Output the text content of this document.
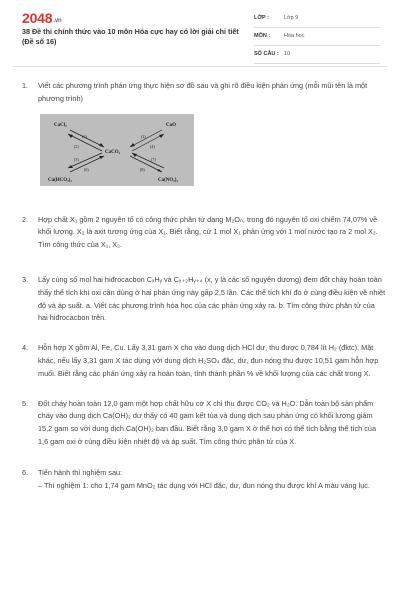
2048.vn
38 Đề thi chính thức vào 10 môn Hóa cực hay có lời giải chi tiết (Đề số 16)
LỚP :	Lớp 9
MÔN :	Hóa học
SỐ CÂU : 10
1. Viết các phương trình phản ứng thực hiện sơ đồ sau và ghi rõ điều kiện phản ứng (mỗi mũi tên là một phương trình)

CaCl₂	CaO
CaCO₃
Ca(HCO₃)₂	Ca(NO₃)₂
(1)
(2)
(3)
(4)
(5)
(6)
(7)
(8)
2. Hợp chất X₁ gồm 2 nguyên tố có công thức phân tử dạng M₂Oₙ, trong đó nguyên tố oxi chiếm 74,07% về khối lượng. X₂ là axit tương ứng của X₁. Biết rằng, cứ 1 mol X₁ phản ứng với 1 mol nước tạo ra 2 mol X₂. Tìm công thức của X₁, X₂.

3. Lấy cùng số mol hai hiđrocacbon CₓHᵧ và Cₓ₊₂Hᵧ₊₄ (x, y là các số nguyên dương) đem đốt cháy hoàn toàn thấy thể tích khí oxi cần dùng ở hai phản ứng này gấp 2,5 lần. Các thể tích khí đo ở cùng điều kiện về nhiệt độ và áp suất. a. Viết các phương trình hóa học của các phản ứng xảy ra. b. Tìm công thức phân tử của hai hiđrocacbon trên.

4. Hỗn hợp X gồm Al, Fe, Cu. Lấy 3,31 gam X cho vào dung dịch HCl dư, thu được 0,784 lít H₂ (đktc). Mặt khác, nếu lấy 3,31 gam X tác dụng với dung dịch H₂SO₄ đặc, dư, đun nóng thu được 10,51 gam hỗn hợp muối. Biết rằng các phản ứng xảy ra hoàn toàn, tính thành phần % về khối lượng của các chất trong X.

5. Đốt cháy hoàn toàn 12,0 gam một hợp chất hữu cơ X chỉ thu được CO₂ và H₂O. Dẫn toàn bộ sản phẩm cháy vào dung dịch Ca(OH)₂ dư thấy có 40 gam kết tủa và dung dịch sau phản ứng có khối lượng giảm 15,2 gam so với dung dịch Ca(OH)₂ ban đầu. Biết rằng 3,0 gam X ở thể hơi có thể tích bằng thể tích của 1,6 gam oxi ở cùng điều kiện nhiệt độ và áp suất. Tìm công thức phân tử của X.

6. Tiến hành thí nghiệm sau:

– Thí nghiệm 1: cho 1,74 gam MnO₂ tác dụng với HCl đặc, dư, đun nóng thu được khí A màu vàng lục.
